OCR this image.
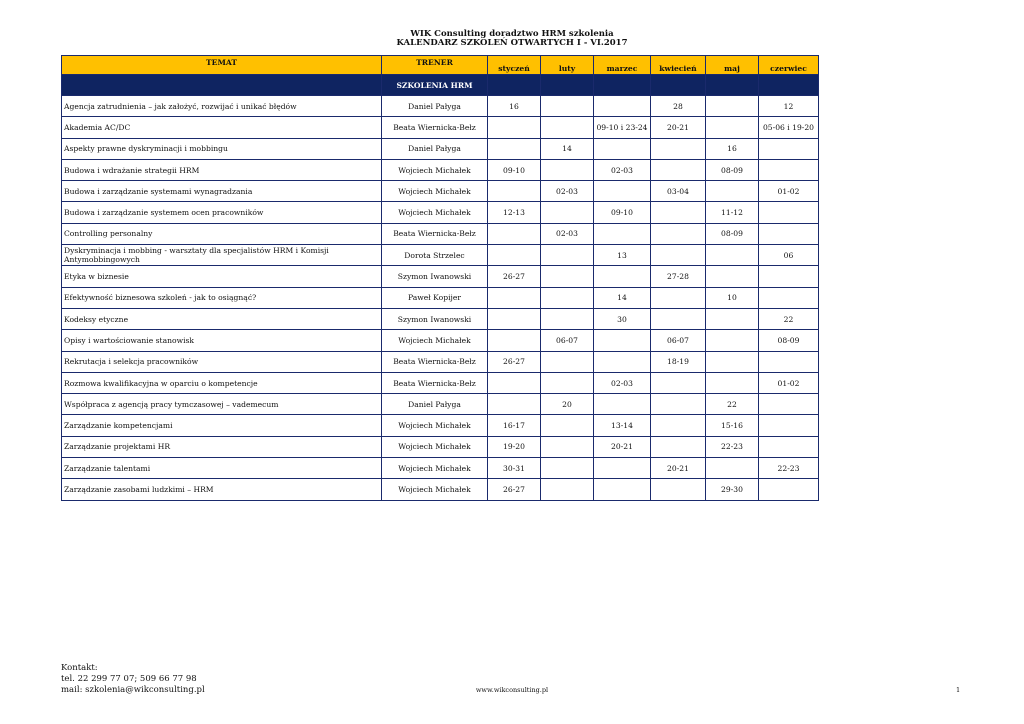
WIK Consulting doradztwo HRM szkolenia
KALENDARZ SZKOLEŃ OTWARTYCH I - VI.2017
TEMAT	TRENER	styczeń	luty	marzec	kwiecień	maj	czerwiec
	SZKOLENIA HRM						
Agencja zatrudnienia – jak założyć, rozwijać i unikać błędów	Daniel Pałyga	16			28		12
Akademia AC/DC	Beata Wiernicka-Bełz			09-10 i 23-24	20-21		05-06 i 19-20
Aspekty prawne dyskryminacji i mobbingu	Daniel Pałyga		14			16	
Budowa i wdrażanie strategii HRM	Wojciech Michałek	09-10		02-03		08-09	
Budowa i zarządzanie systemami wynagradzania	Wojciech Michałek		02-03		03-04		01-02
Budowa i zarządzanie systemem ocen pracowników	Wojciech Michałek	12-13		09-10		11-12	
Controlling personalny	Beata Wiernicka-Bełz		02-03			08-09	
Dyskryminacja i mobbing - warsztaty dla specjalistów HRM i Komisji Antymobbingowych	Dorota Strzelec			13			06
Etyka w biznesie	Szymon Iwanowski	26-27			27-28		
Efektywność biznesowa szkoleń - jak to osiągnąć?	Paweł Kopijer			14		10	
Kodeksy etyczne	Szymon Iwanowski			30			22
Opisy i wartościowanie stanowisk	Wojciech Michałek		06-07		06-07		08-09
Rekrutacja i selekcja pracowników	Beata Wiernicka-Bełz	26-27			18-19		
Rozmowa kwalifikacyjna w oparciu o kompetencje	Beata Wiernicka-Bełz			02-03			01-02
Współpraca z agencją pracy tymczasowej – vademecum	Daniel Pałyga		20			22	
Zarządzanie kompetencjami	Wojciech Michałek	16-17		13-14		15-16	
Zarządzanie projektami HR	Wojciech Michałek	19-20		20-21		22-23	
Zarządzanie talentami	Wojciech Michałek	30-31			20-21		22-23
Zarządzanie zasobami ludzkimi – HRM	Wojciech Michałek	26-27				29-30	
Kontakt:
tel. 22 299 77 07; 509 66 77 98
mail: szkolenia@wikconsulting.pl	www.wikconsulting.pl	1
